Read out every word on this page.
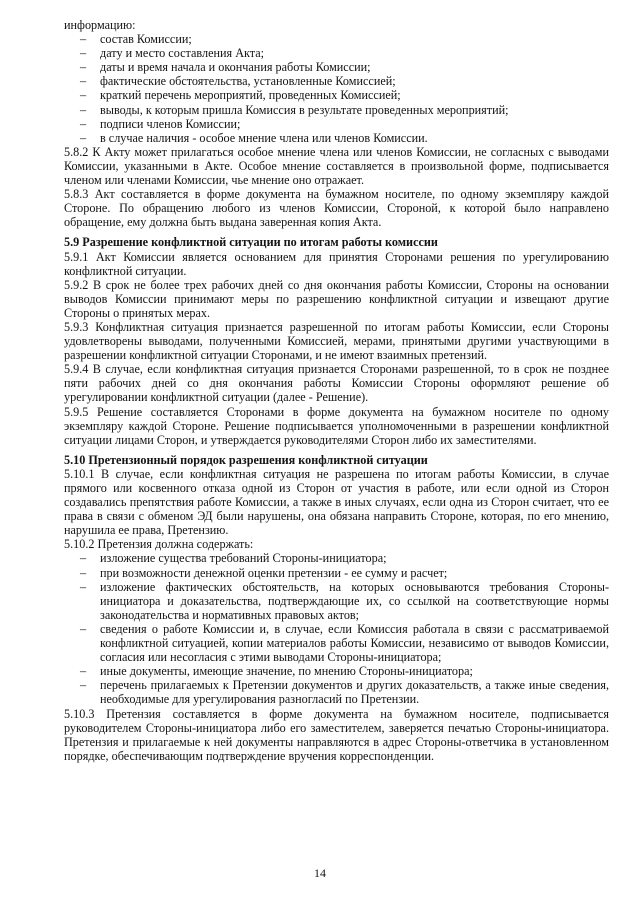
информацию:

– состав Комиссии;
– дату и место составления Акта;
– даты и время начала и окончания работы Комиссии;
– фактические обстоятельства, установленные Комиссией;
– краткий перечень мероприятий, проведенных Комиссией;
– выводы, к которым пришла Комиссия в результате проведенных мероприятий;
– подписи членов Комиссии;
– в случае наличия - особое мнение члена или членов Комиссии.

5.8.2 К Акту может прилагаться особое мнение члена или членов Комиссии, не согласных с выводами Комиссии, указанными в Акте. Особое мнение составляется в произвольной форме, подписывается членом или членами Комиссии, чье мнение оно отражает.

5.8.3 Акт составляется в форме документа на бумажном носителе, по одному экземпляру каждой Стороне. По обращению любого из членов Комиссии, Стороной, к которой было направлено обращение, ему должна быть выдана заверенная копия Акта.

5.9 Разрешение конфликтной ситуации по итогам работы комиссии

5.9.1 Акт Комиссии является основанием для принятия Сторонами решения по урегулированию конфликтной ситуации.

5.9.2 В срок не более трех рабочих дней со дня окончания работы Комиссии, Стороны на основании выводов Комиссии принимают меры по разрешению конфликтной ситуации и извещают другие Стороны о принятых мерах.

5.9.3 Конфликтная ситуация признается разрешенной по итогам работы Комиссии, если Стороны удовлетворены выводами, полученными Комиссией, мерами, принятыми другими участвующими в разрешении конфликтной ситуации Сторонами, и не имеют взаимных претензий.

5.9.4 В случае, если конфликтная ситуация признается Сторонами разрешенной, то в срок не позднее пяти рабочих дней со дня окончания работы Комиссии Стороны оформляют решение об урегулировании конфликтной ситуации (далее - Решение).

5.9.5 Решение составляется Сторонами в форме документа на бумажном носителе по одному экземпляру каждой Стороне. Решение подписывается уполномоченными в разрешении конфликтной ситуации лицами Сторон, и утверждается руководителями Сторон либо их заместителями.

5.10 Претензионный порядок разрешения конфликтной ситуации

5.10.1 В случае, если конфликтная ситуация не разрешена по итогам работы Комиссии, в случае прямого или косвенного отказа одной из Сторон от участия в работе, или если одной из Сторон создавались препятствия работе Комиссии, а также в иных случаях, если одна из Сторон считает, что ее права в связи с обменом ЭД были нарушены, она обязана направить Стороне, которая, по его мнению, нарушила ее права, Претензию.

5.10.2 Претензия должна содержать:

– изложение существа требований Стороны-инициатора;
– при возможности денежной оценки претензии - ее сумму и расчет;
– изложение фактических обстоятельств, на которых основываются требования Стороны-инициатора и доказательства, подтверждающие их, со ссылкой на соответствующие нормы законодательства и нормативных правовых актов;
– сведения о работе Комиссии и, в случае, если Комиссия работала в связи с рассматриваемой конфликтной ситуацией, копии материалов работы Комиссии, независимо от выводов Комиссии, согласия или несогласия с этими выводами Стороны-инициатора;
– иные документы, имеющие значение, по мнению Стороны-инициатора;
– перечень прилагаемых к Претензии документов и других доказательств, а также иные сведения, необходимые для урегулирования разногласий по Претензии.

5.10.3 Претензия составляется в форме документа на бумажном носителе, подписывается руководителем Стороны-инициатора либо его заместителем, заверяется печатью Стороны-инициатора. Претензия и прилагаемые к ней документы направляются в адрес Стороны-ответчика в установленном порядке, обеспечивающим подтверждение вручения корреспонденции.

14
